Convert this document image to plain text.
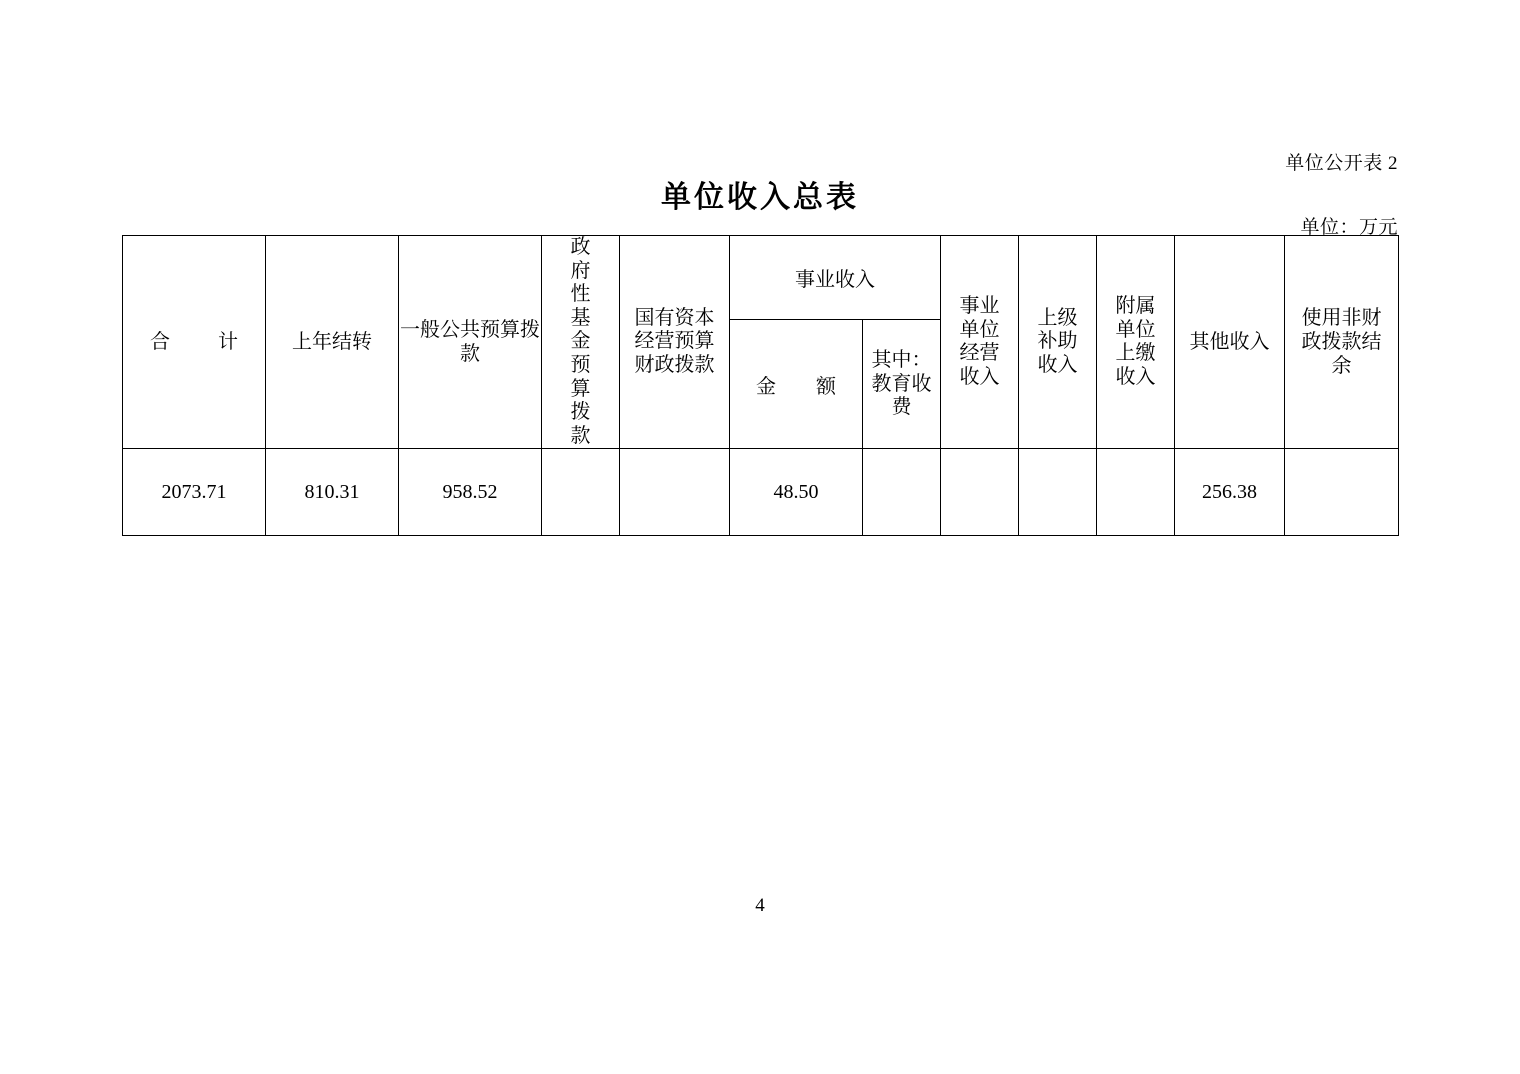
单位公开表 2
单位收入总表
单位：万元
合　计	上年结转	一般公共预算拨款	政府性基金预算拨款	国有资本经营预算财政拨款	事业收入		事业单位经营收入	上级补助收入	附属单位上缴收入	其他收入	使用非财政拨款结余

					金　额	其中：教育收费					

2073.71	810.31	958.52			48.50					256.38	
4
